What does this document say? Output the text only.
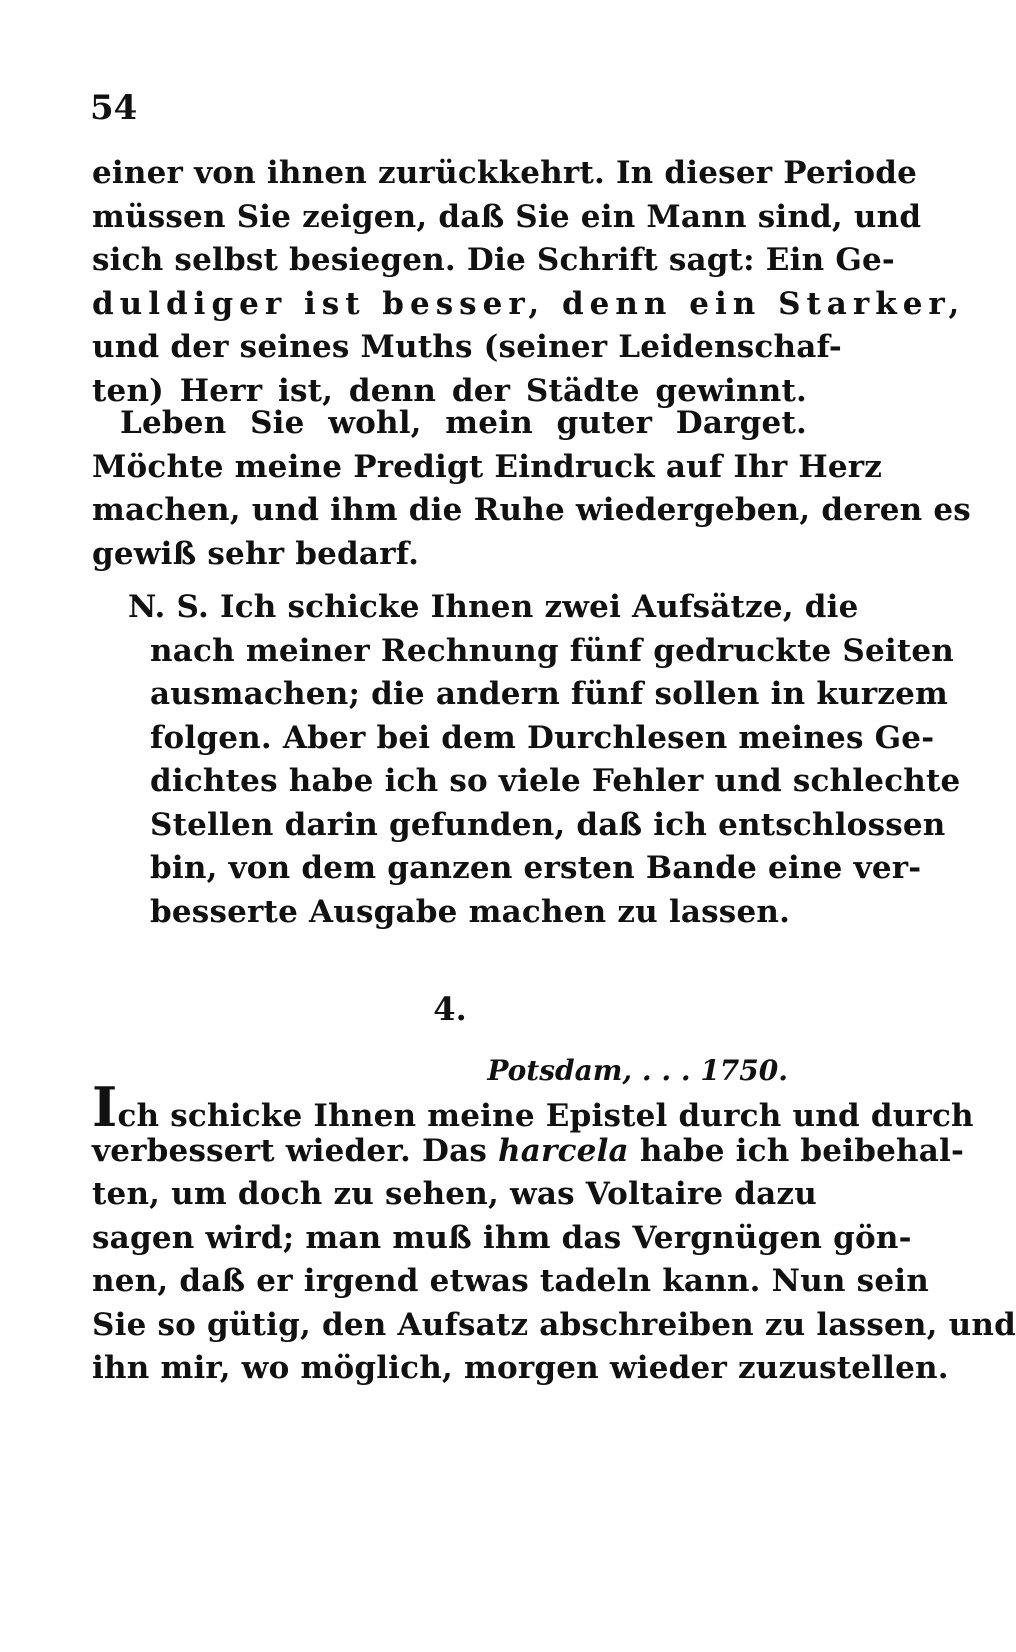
54
einer von ihnen zurückkehrt. In dieser Periode
müssen Sie zeigen, daß Sie ein Mann sind, und
sich selbst besiegen. Die Schrift sagt: Ein Ge-
duldiger ist besser, denn ein Starker,
und der seines Muths (seiner Leidenschaf-
ten) Herr ist, denn der Städte gewinnt.
Leben Sie wohl, mein guter Darget.
Möchte meine Predigt Eindruck auf Ihr Herz
machen, und ihm die Ruhe wiedergeben, deren es
gewiß sehr bedarf.
N. S. Ich schicke Ihnen zwei Aufsätze, die
nach meiner Rechnung fünf gedruckte Seiten
ausmachen; die andern fünf sollen in kurzem
folgen. Aber bei dem Durchlesen meines Ge-
dichtes habe ich so viele Fehler und schlechte
Stellen darin gefunden, daß ich entschlossen
bin, von dem ganzen ersten Bande eine ver-
besserte Ausgabe machen zu lassen.
4.
Potsdam, . . . 1750.
Ich schicke Ihnen meine Epistel durch und durch
verbessert wieder. Das harcela habe ich beibehal-
ten, um doch zu sehen, was Voltaire dazu
sagen wird; man muß ihm das Vergnügen gön-
nen, daß er irgend etwas tadeln kann. Nun sein
Sie so gütig, den Aufsatz abschreiben zu lassen, und
ihn mir, wo möglich, morgen wieder zuzustellen.
